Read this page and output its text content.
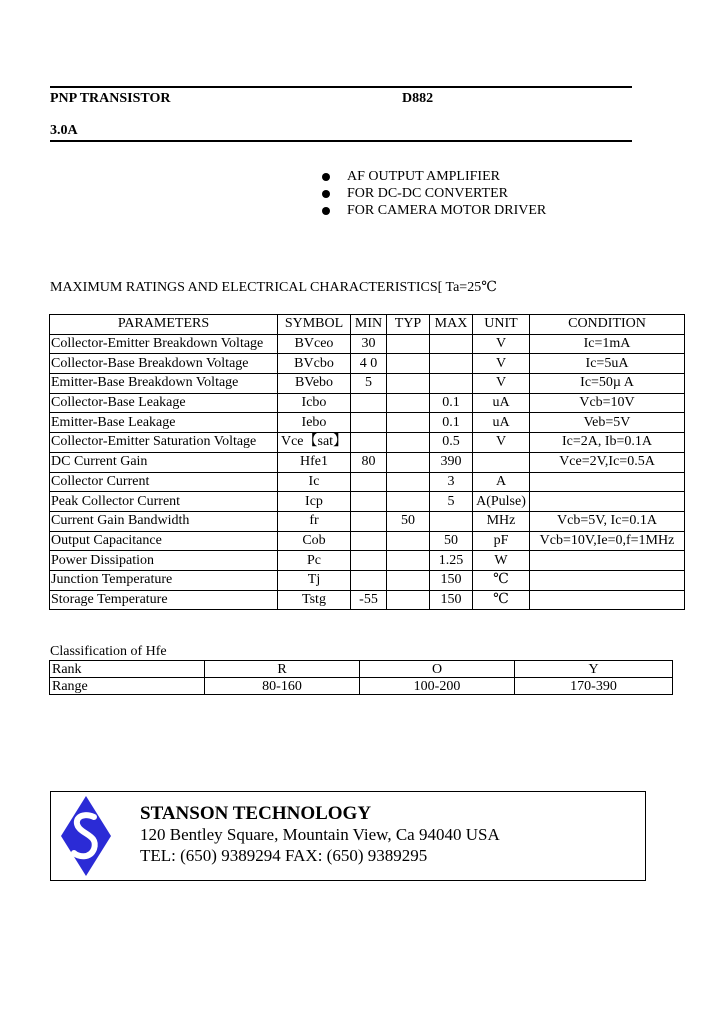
PNP TRANSISTOR	D882
3.0A
AF OUTPUT AMPLIFIER
FOR DC-DC CONVERTER
FOR CAMERA MOTOR DRIVER
MAXIMUM RATINGS AND ELECTRICAL CHARACTERISTICS[ Ta=25℃
PARAMETERS	SYMBOL	MIN	TYP	MAX	UNIT	CONDITION
Collector-Emitter Breakdown Voltage	BVceo	30			V	Ic=1mA
Collector-Base Breakdown Voltage	BVcbo	4 0			V	Ic=5uA
Emitter-Base Breakdown Voltage	BVebo	5			V	Ic=50µ A
Collector-Base Leakage	Icbo			0.1	uA	Vcb=10V
Emitter-Base Leakage	Iebo			0.1	uA	Veb=5V
Collector-Emitter Saturation Voltage	Vce【sat】			0.5	V	Ic=2A, Ib=0.1A
DC Current Gain	Hfe1	80		390		Vce=2V,Ic=0.5A
Collector Current	Ic			3	A	
Peak Collector Current	Icp			5	A(Pulse)	
Current Gain Bandwidth	fr		50		MHz	Vcb=5V, Ic=0.1A
Output Capacitance	Cob			50	pF	Vcb=10V,Ie=0,f=1MHz
Power Dissipation	Pc			1.25	W	
Junction Temperature	Tj			150	℃	
Storage Temperature	Tstg	-55		150	℃	
Classification of Hfe
Rank	R	O	Y
Range	80-160	100-200	170-390
STANSON TECHNOLOGY
120 Bentley Square, Mountain View, Ca 94040 USA
TEL: (650) 9389294 FAX: (650) 9389295
